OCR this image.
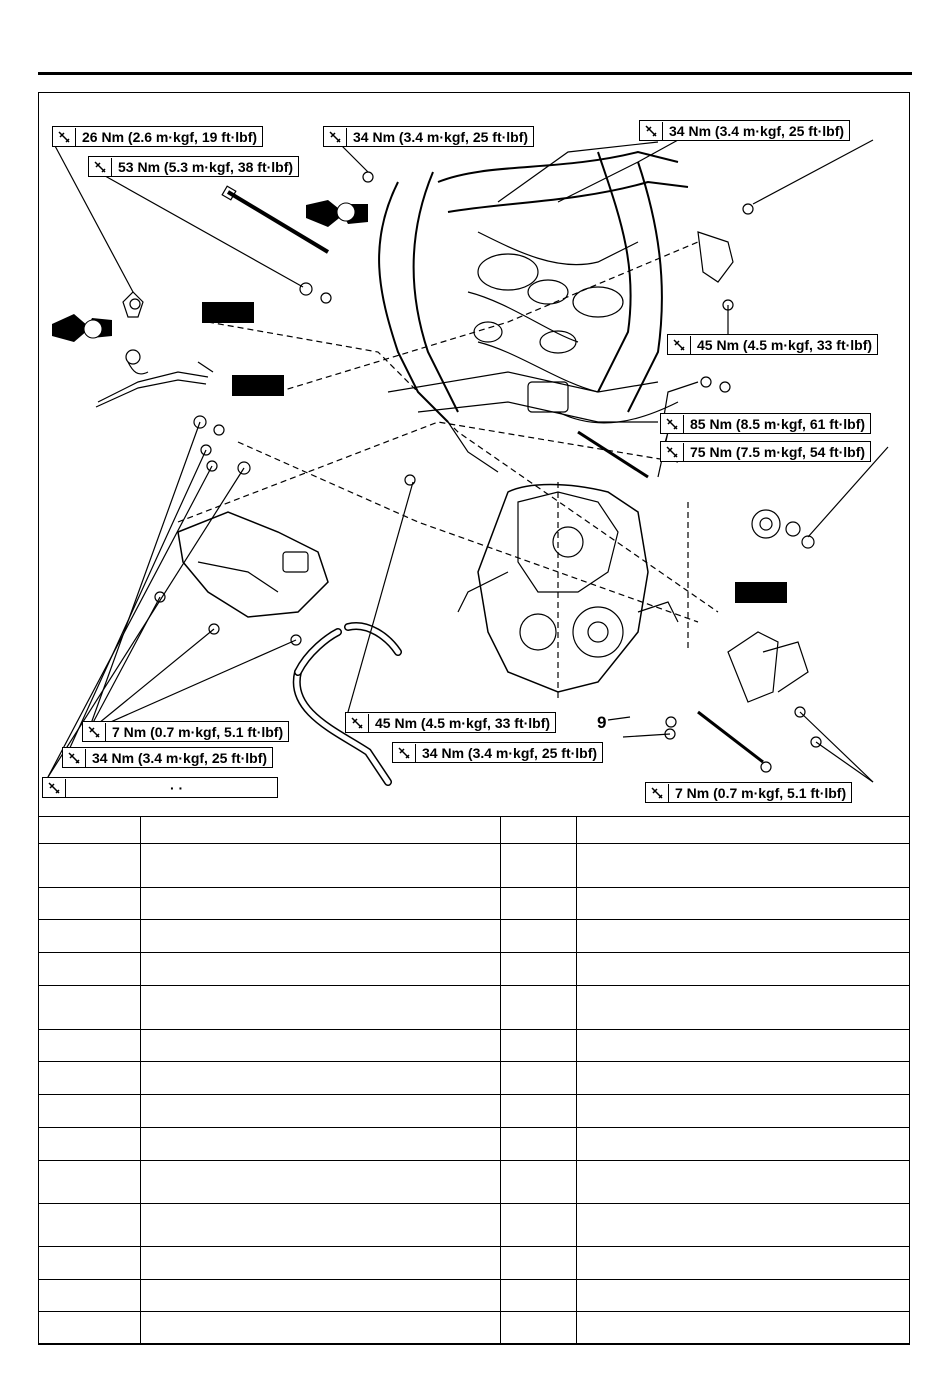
26 Nm (2.6 m·kgf, 19 ft·lbf)
53 Nm (5.3 m·kgf, 38 ft·lbf)
34 Nm (3.4 m·kgf, 25 ft·lbf)	34 Nm (3.4 m·kgf, 25 ft·lbf)
45 Nm (4.5 m·kgf, 33 ft·lbf)
85 Nm (8.5 m·kgf, 61 ft·lbf)
75 Nm (7.5 m·kgf, 54 ft·lbf)
7 Nm (0.7 m·kgf, 5.1 ft·lbf)
34 Nm (3.4 m·kgf, 25 ft·lbf)
45 Nm (4.5 m·kgf, 33 ft·lbf)
34 Nm (3.4 m·kgf, 25 ft·lbf)
7 Nm (0.7 m·kgf, 5.1 ft·lbf)
· ·
9
